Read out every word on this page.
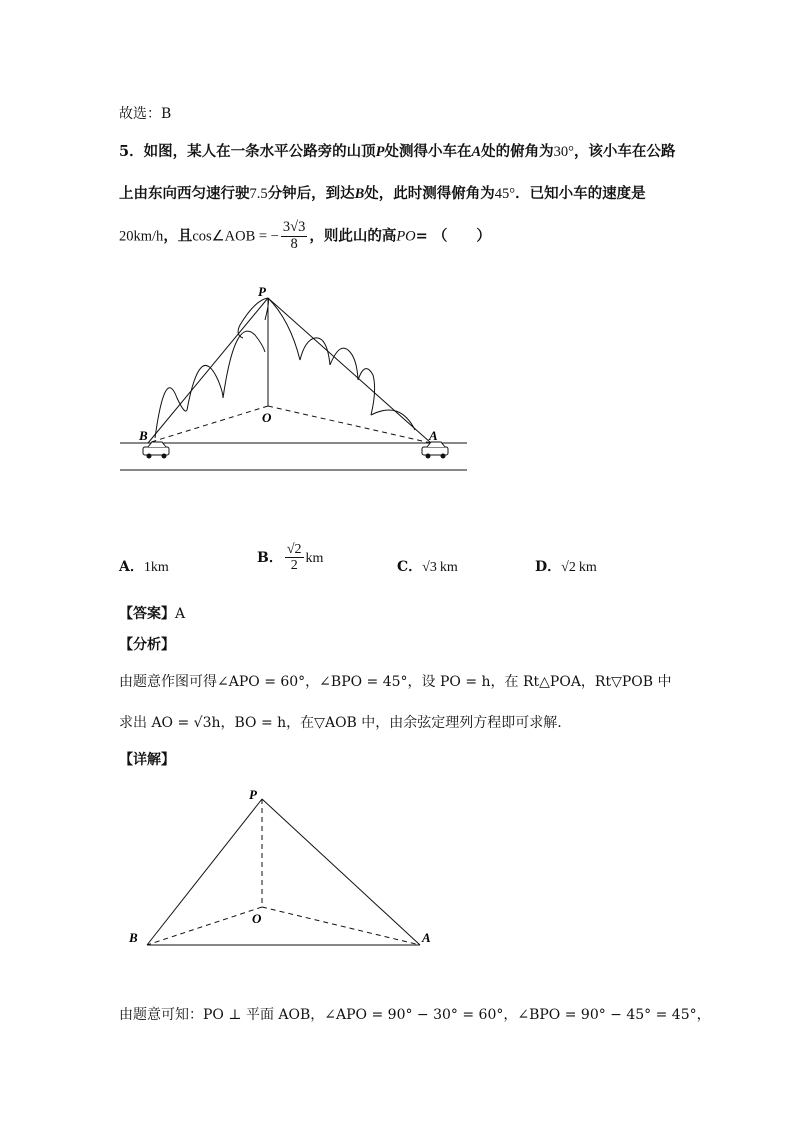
故选：B
5．如图，某人在一条水平公路旁的山顶P处测得小车在A处的俯角为30°，该小车在公路
上由东向西匀速行驶7.5分钟后，到达B处，此时测得俯角为45°．已知小车的速度是
20km/h，且cos∠AOB = − $\frac{3√3}{8}$ ，则此山的高PO= （　　）
P
O
B	A
A．1km
B． $\frac{√2}{2}$ km
C．√3 km	D．√2 km
【答案】A
【分析】
由题意作图可得∠APO = 60°，∠BPO = 45°，设 PO = h，在 Rt△POA，Rt▽POB 中
求出 AO = √3h，BO = h，在▽AOB 中，由余弦定理列方程即可求解.
【详解】
P
O
B	A
由题意可知：PO ⊥ 平面 AOB，∠APO = 90° − 30° = 60°，∠BPO = 90° − 45° = 45°，
